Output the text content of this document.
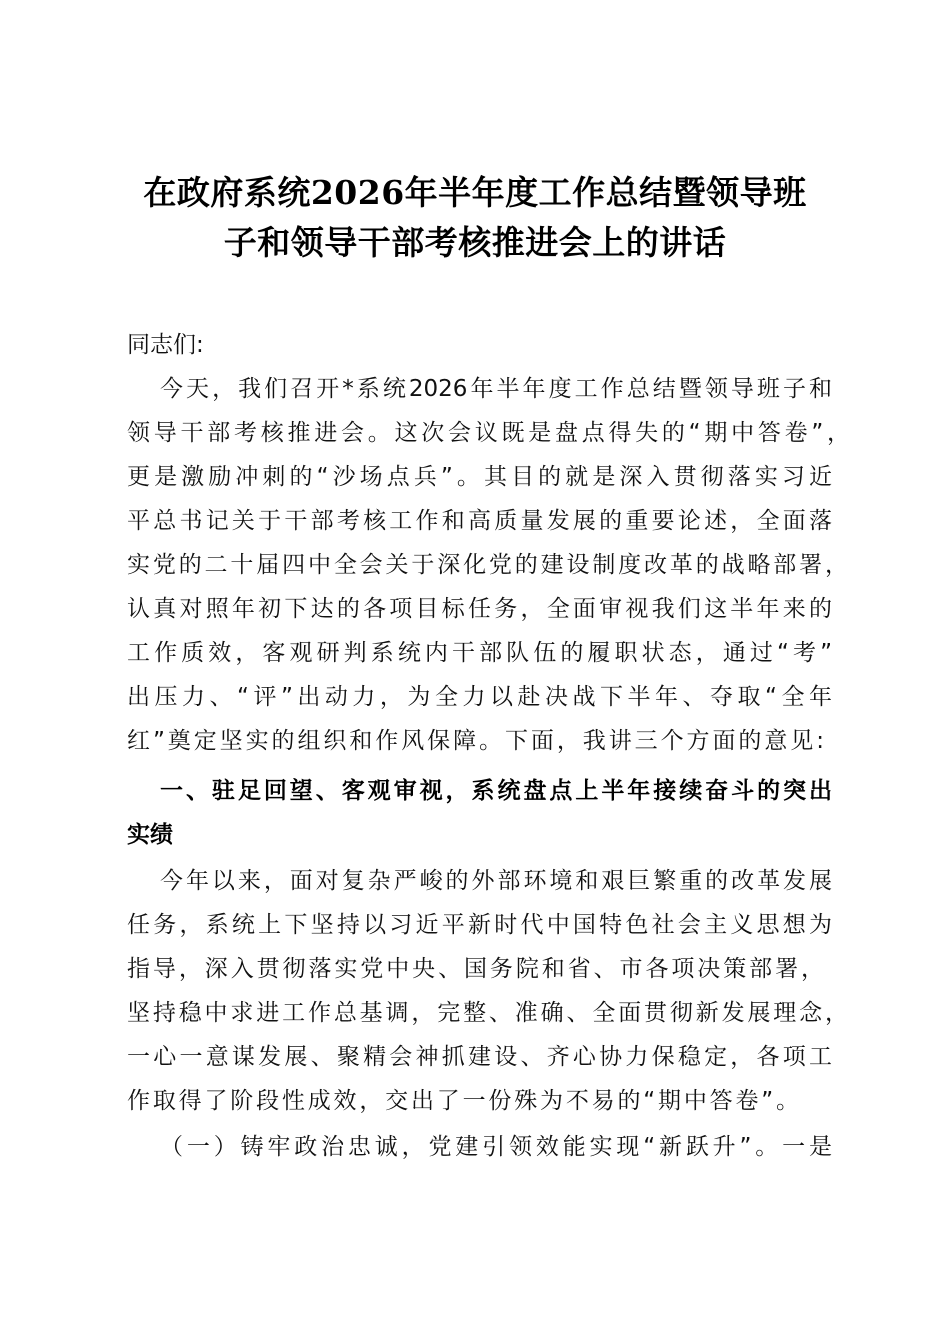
在政府系统2026年半年度工作总结暨领导班
子和领导干部考核推进会上的讲话
同志们:
今天，我们召开*系统2026年半年度工作总结暨领导班子和
领导干部考核推进会。这次会议既是盘点得失的“期中答卷”，
更是激励冲刺的“沙场点兵”。其目的就是深入贯彻落实习近
平总书记关于干部考核工作和高质量发展的重要论述，全面落
实党的二十届四中全会关于深化党的建设制度改革的战略部署，
认真对照年初下达的各项目标任务，全面审视我们这半年来的
工作质效，客观研判系统内干部队伍的履职状态，通过“考”
出压力、“评”出动力，为全力以赴决战下半年、夺取“全年
红”奠定坚实的组织和作风保障。下面，我讲三个方面的意见:
一、驻足回望、客观审视，系统盘点上半年接续奋斗的突出
实绩
今年以来，面对复杂严峻的外部环境和艰巨繁重的改革发展
任务，系统上下坚持以习近平新时代中国特色社会主义思想为
指导，深入贯彻落实党中央、国务院和省、市各项决策部署，
坚持稳中求进工作总基调，完整、准确、全面贯彻新发展理念，
一心一意谋发展、聚精会神抓建设、齐心协力保稳定，各项工
作取得了阶段性成效，交出了一份殊为不易的“期中答卷”。
（一）铸牢政治忠诚，党建引领效能实现“新跃升”。一是
